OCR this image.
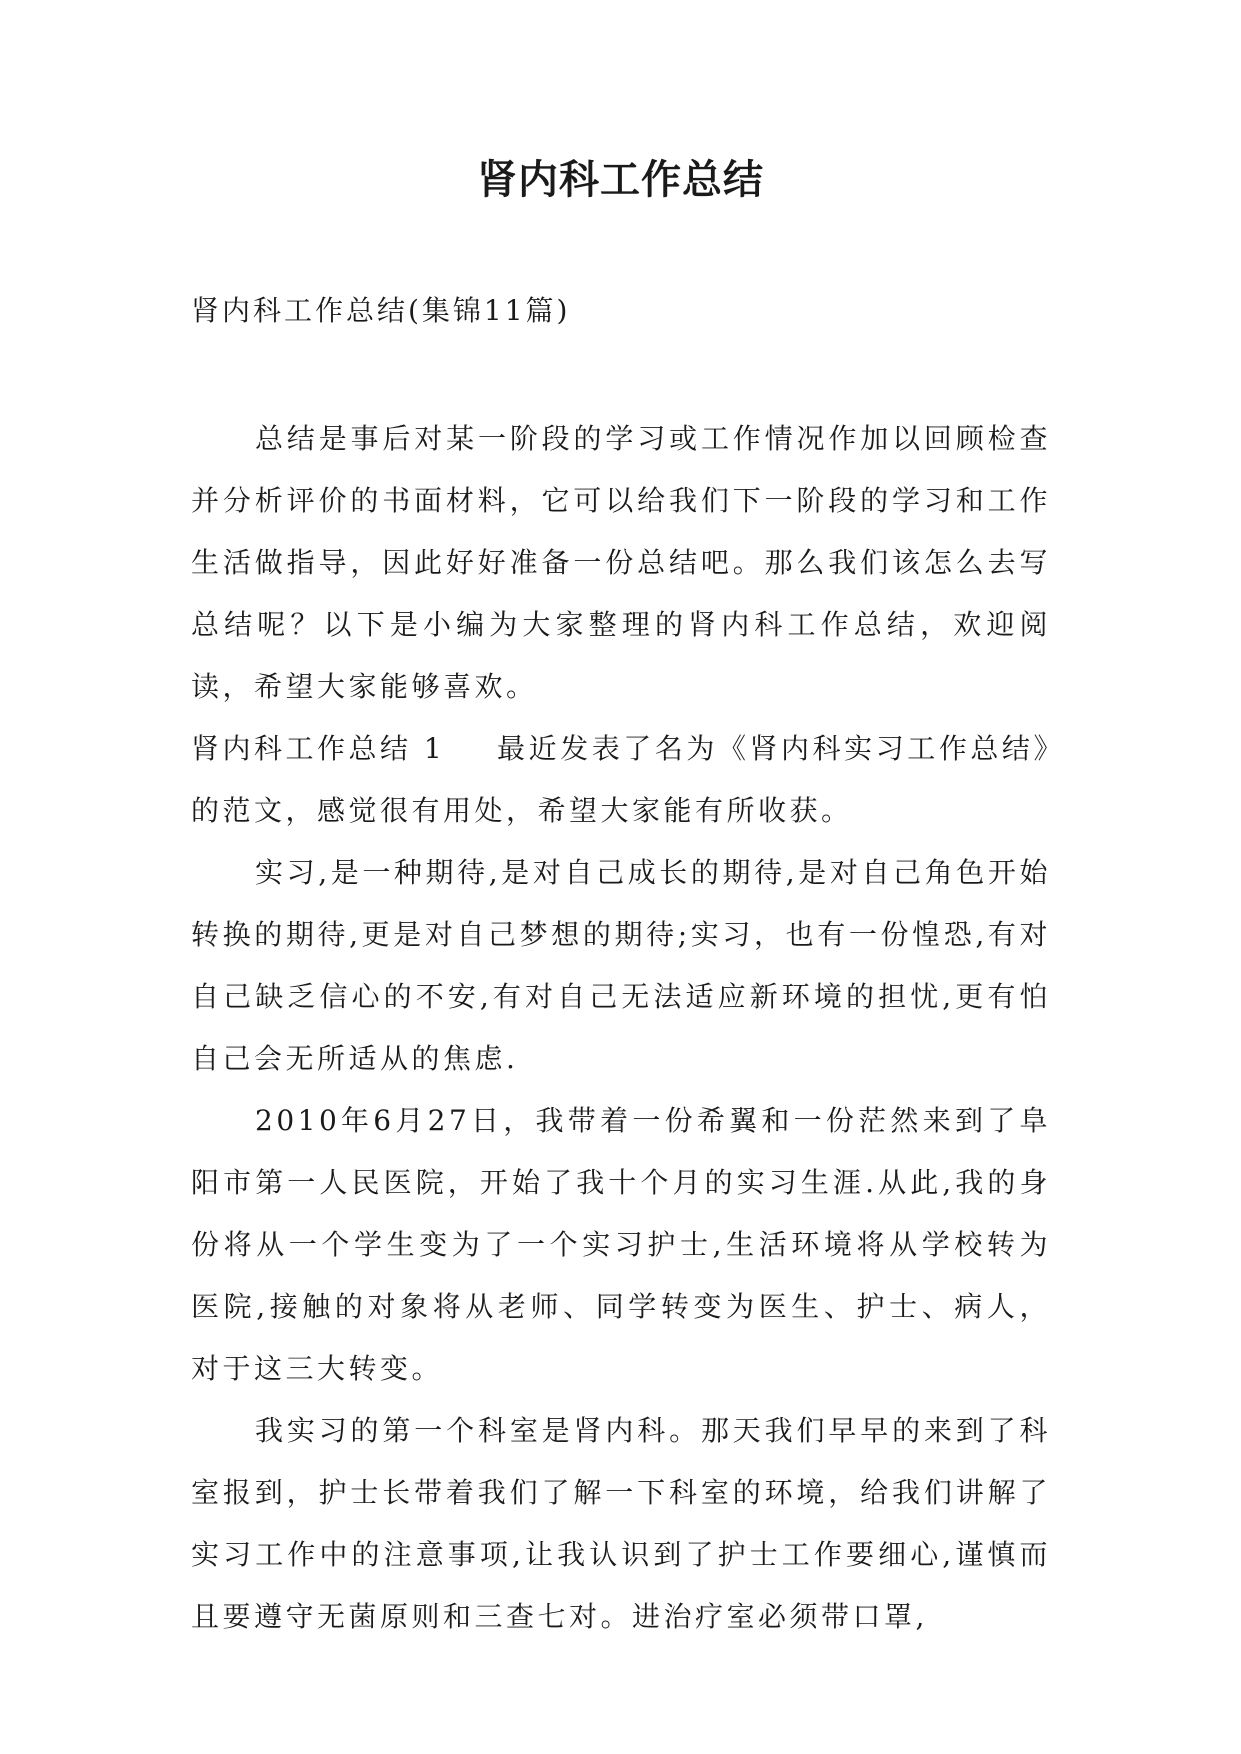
肾内科工作总结

肾内科工作总结(集锦11篇)

总结是事后对某一阶段的学习或工作情况作加以回顾检查并分析评价的书面材料，它可以给我们下一阶段的学习和工作生活做指导，因此好好准备一份总结吧。那么我们该怎么去写总结呢？以下是小编为大家整理的肾内科工作总结，欢迎阅读，希望大家能够喜欢。

肾内科工作总结 1 最近发表了名为《肾内科实习工作总结》的范文，感觉很有用处，希望大家能有所收获。

实习,是一种期待,是对自己成长的期待,是对自己角色开始转换的期待,更是对自己梦想的期待;实习，也有一份惶恐,有对自己缺乏信心的不安,有对自己无法适应新环境的担忧,更有怕自己会无所适从的焦虑.

2010年6月27日，我带着一份希翼和一份茫然来到了阜阳市第一人民医院，开始了我十个月的实习生涯.从此,我的身份将从一个学生变为了一个实习护士,生活环境将从学校转为医院,接触的对象将从老师、同学转变为医生、护士、病人，对于这三大转变。

我实习的第一个科室是肾内科。那天我们早早的来到了科室报到，护士长带着我们了解一下科室的环境，给我们讲解了实习工作中的注意事项,让我认识到了护士工作要细心,谨慎而且要遵守无菌原则和三查七对。进治疗室必须带口罩,
